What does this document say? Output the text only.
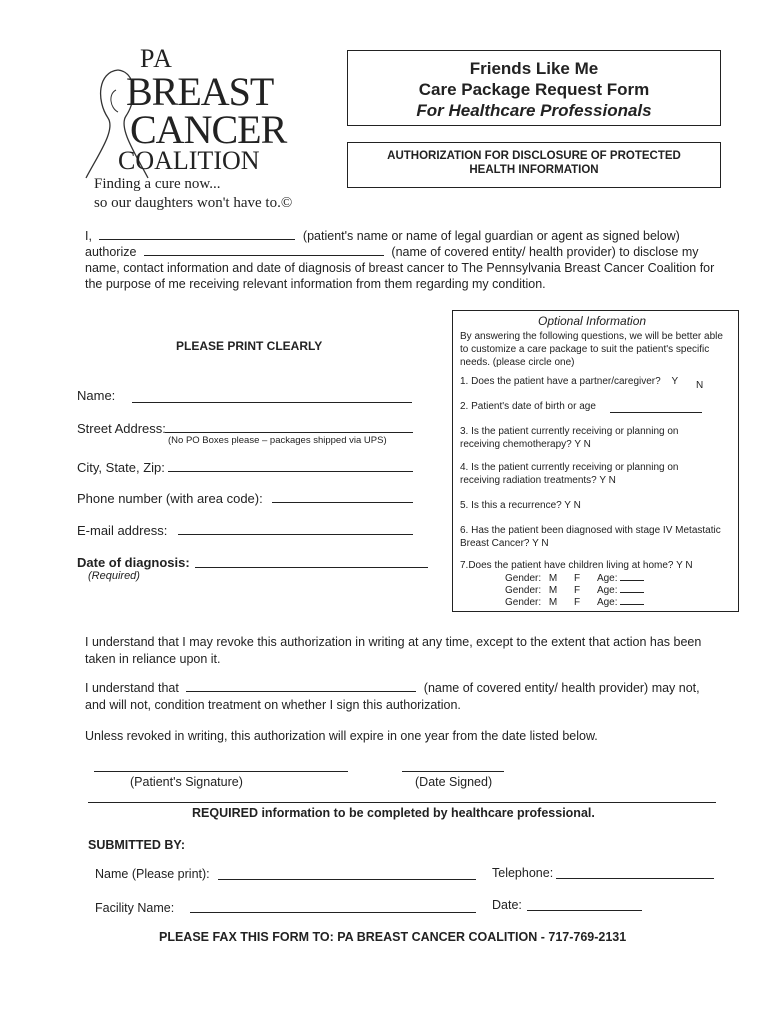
PA
BREAST
CANCER
COALITION
Finding a cure now...
so our daughters won't have to.©
Friends Like Me
Care Package Request Form
For Healthcare Professionals
AUTHORIZATION FOR DISCLOSURE OF PROTECTED
HEALTH INFORMATION
I,	(patient's name or name of legal guardian or agent as signed below)
authorize	(name of covered entity/ health provider) to disclose my
name, contact information and date of diagnosis of breast cancer to The Pennsylvania Breast Cancer Coalition for
the purpose of me receiving relevant information from them regarding my condition.
PLEASE PRINT CLEARLY
Name:
Street Address:
(No PO Boxes please – packages shipped via UPS)
City, State, Zip:
Phone number (with area code):
E-mail address:
Date of diagnosis:
(Required)
Optional Information
By answering the following questions, we will be better able to customize a care package to suit the patient's specific needs. (please circle one)
1. Does the patient have a partner/caregiver? Y	N
2. Patient's date of birth or age
3. Is the patient currently receiving or planning on receiving chemotherapy? Y N
4. Is the patient currently receiving or planning on receiving radiation treatments? Y N
5. Is this a recurrence? Y N
6. Has the patient been diagnosed with stage IV Metastatic Breast Cancer? Y N
7.Does the patient have children living at home? Y N
Gender: M F Age:
Gender: M F Age:
Gender: M F Age:
I understand that I may revoke this authorization in writing at any time, except to the extent that action has been taken in reliance upon it.
I understand that	(name of covered entity/ health provider) may not,
and will not, condition treatment on whether I sign this authorization.
Unless revoked in writing, this authorization will expire in one year from the date listed below.
(Patient's Signature)	(Date Signed)
REQUIRED information to be completed by healthcare professional.
SUBMITTED BY:
Name (Please print):	Telephone:
Facility Name:	Date:
PLEASE FAX THIS FORM TO: PA BREAST CANCER COALITION - 717-769-2131
